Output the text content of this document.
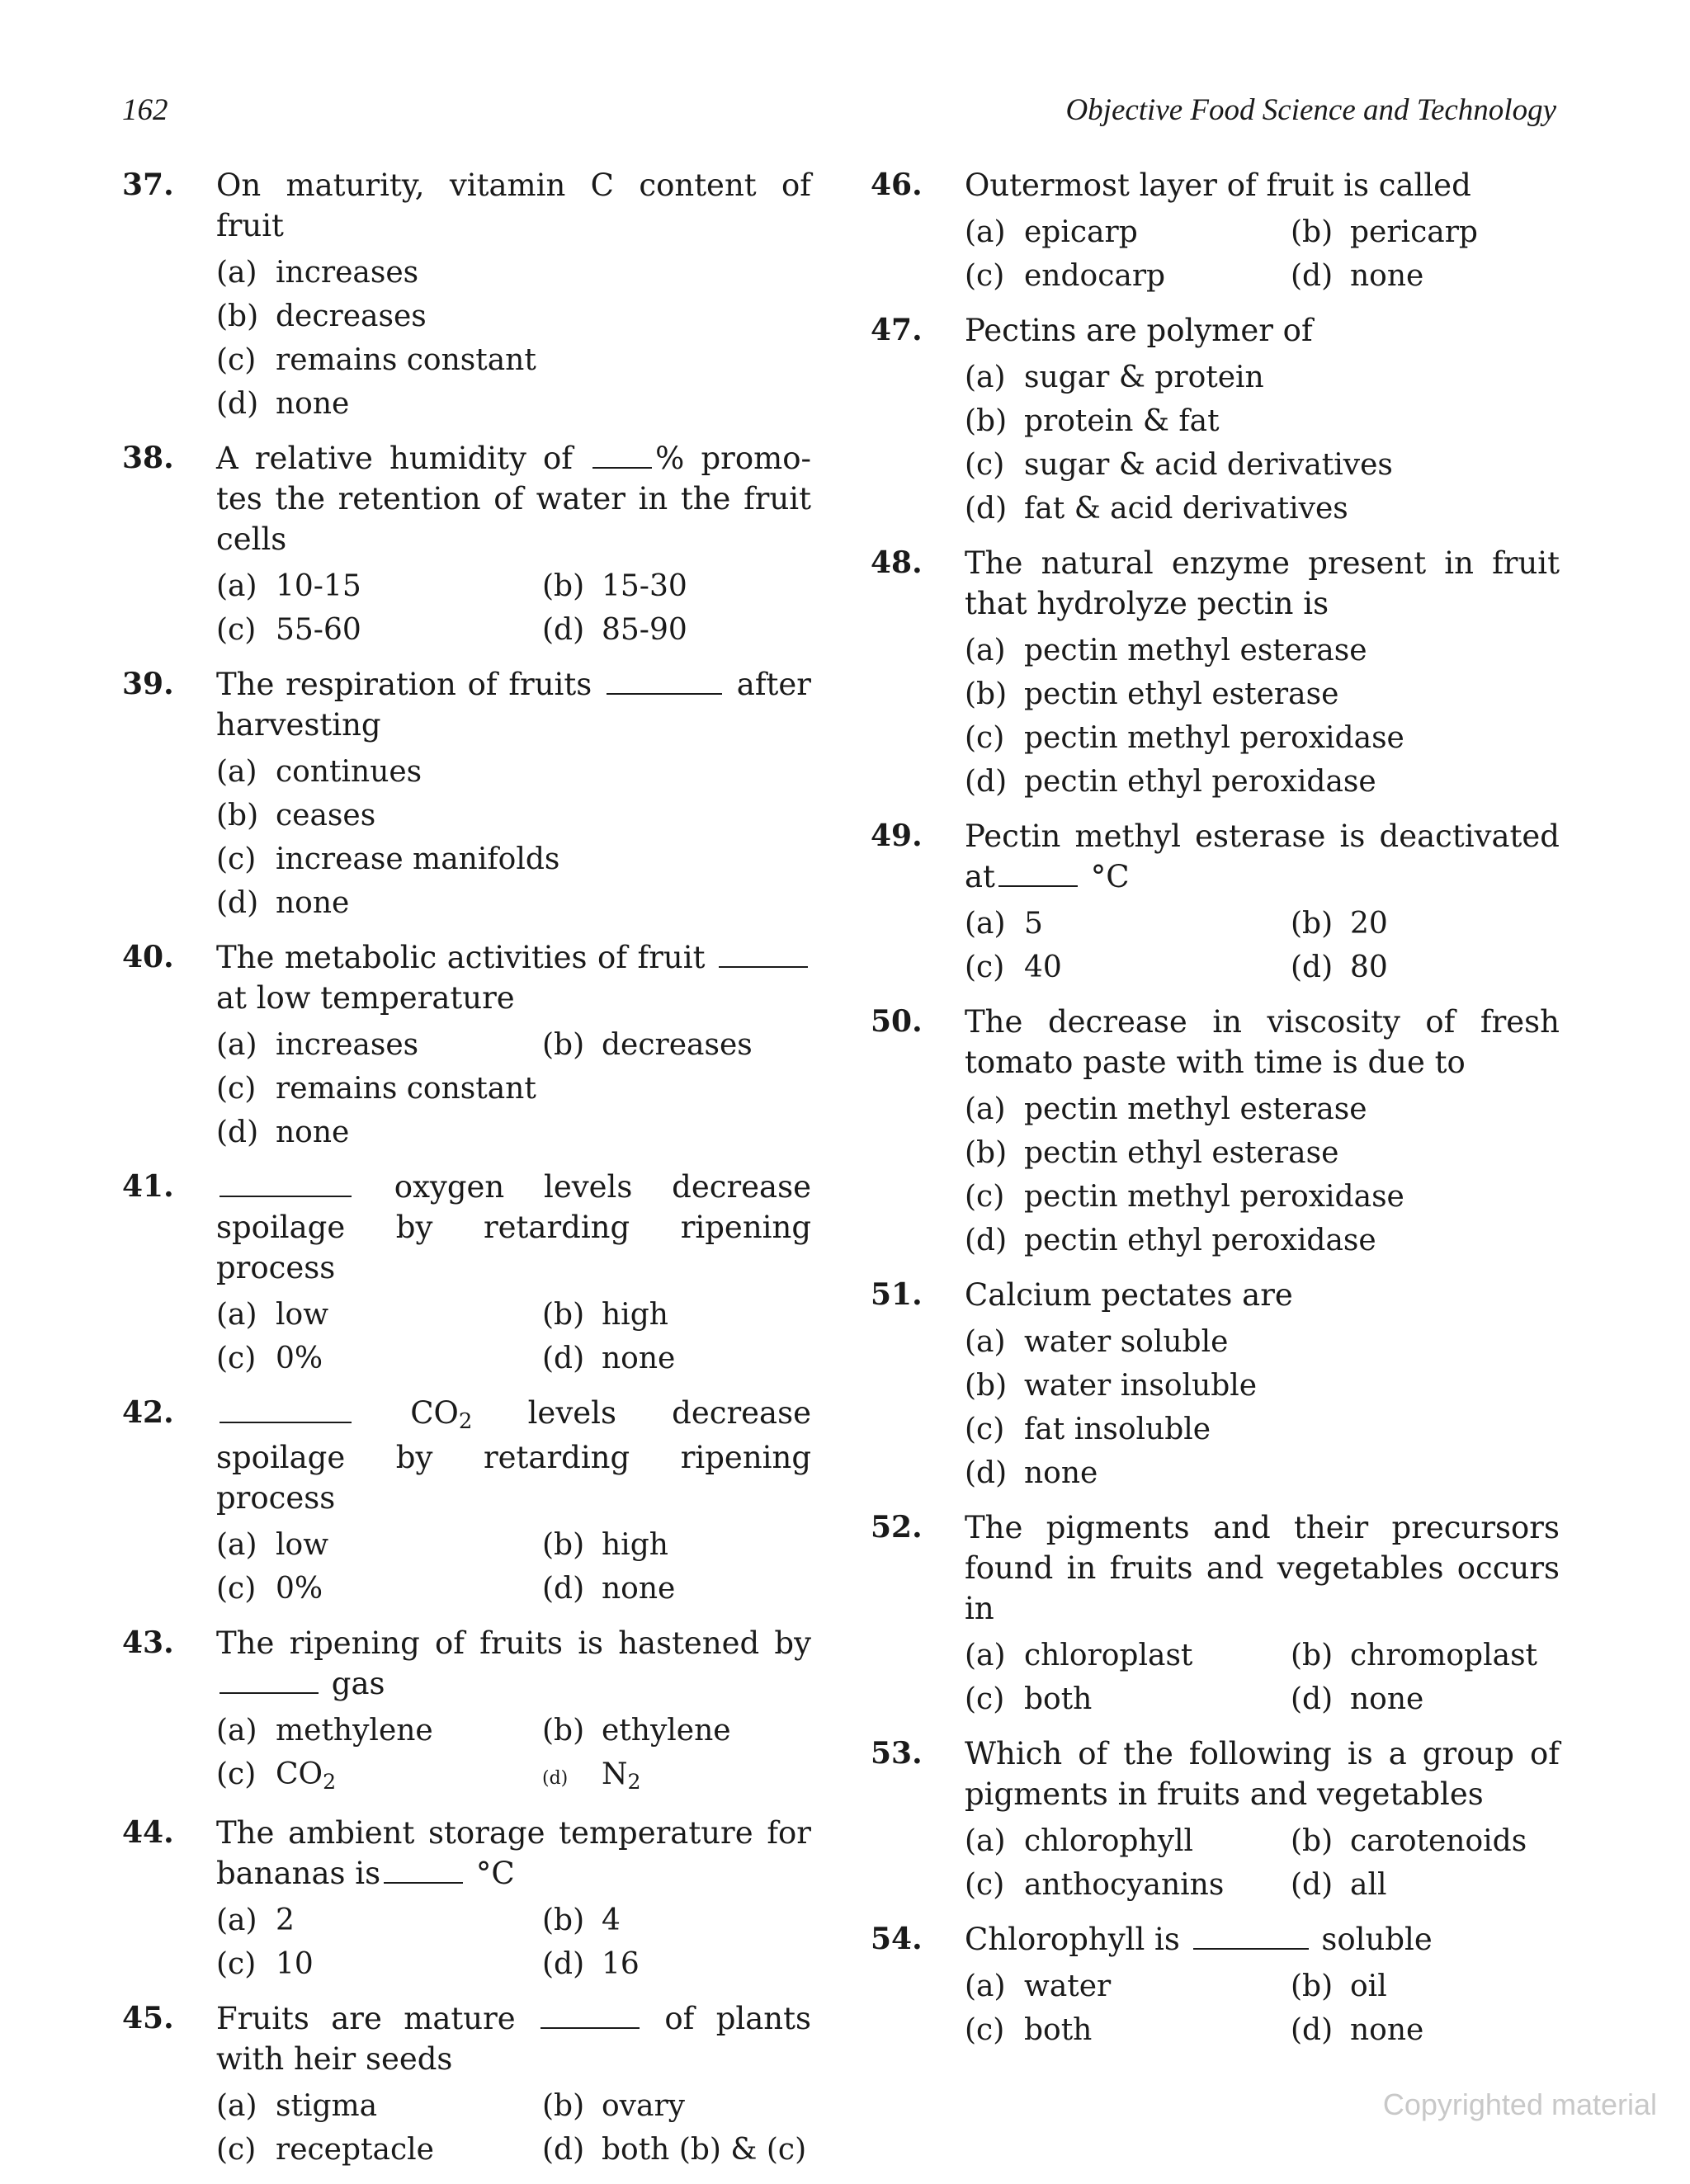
162	Objective Food Science and Technology
37.	On maturity, vitamin C content of fruit
(a) increases
(b) decreases
(c) remains constant
(d) none
38.	A relative humidity of % promo-tes the retention of water in the fruit cells
(a) 10-15	(b) 15-30
(c) 55-60	(d) 85-90
39.	The respiration of fruits	after harvesting
(a) continues
(b) ceases
(c) increase manifolds
(d) none
40.	The metabolic activities of fruit  at low temperature
(a) increases	(b) decreases
(c) remains constant
(d) none
41.	oxygen levels decrease spoilage by retarding ripening process
(a) low	(b) high
(c) 0%	(d) none
42.	$CO_2$ levels decrease spoilage by retarding ripening process
(a) low	(b) high
(c) 0%	(d) none
43.	The ripening of fruits is hastened by  gas
(a) methylene	(b) ethylene
(c) $CO_2$	(d) $N_2$
44.	The ambient storage temperature for bananas is	°C
(a) 2	(b) 4
(c) 10	(d) 16
45.	Fruits are mature	of plants with heir seeds
(a) stigma	(b) ovary
(c) receptacle	(d) both (b) & (c)
46.	Outermost layer of fruit is called
(a) epicarp	(b) pericarp
(c) endocarp	(d) none
47.	Pectins are polymer of
(a) sugar & protein
(b) protein & fat
(c) sugar & acid derivatives
(d) fat & acid derivatives
48.	The natural enzyme present in fruit that hydrolyze pectin is
(a) pectin methyl esterase
(b) pectin ethyl esterase
(c) pectin methyl peroxidase
(d) pectin ethyl peroxidase
49.	Pectin methyl esterase is deactivated at	°C
(a) 5	(b) 20
(c) 40	(d) 80
50.	The decrease in viscosity of fresh tomato paste with time is due to
(a) pectin methyl esterase
(b) pectin ethyl esterase
(c) pectin methyl peroxidase
(d) pectin ethyl peroxidase
51.	Calcium pectates are
(a) water soluble
(b) water insoluble
(c) fat insoluble
(d) none
52.	The pigments and their precursors found in fruits and vegetables occurs in
(a) chloroplast	(b) chromoplast
(c) both	(d) none
53.	Which of the following is a group of pigments in fruits and vegetables
(a) chlorophyll	(b) carotenoids
(c) anthocyanins	(d) all
54.	Chlorophyll is	soluble
(a) water	(b) oil
(c) both	(d) none
Copyrighted material
